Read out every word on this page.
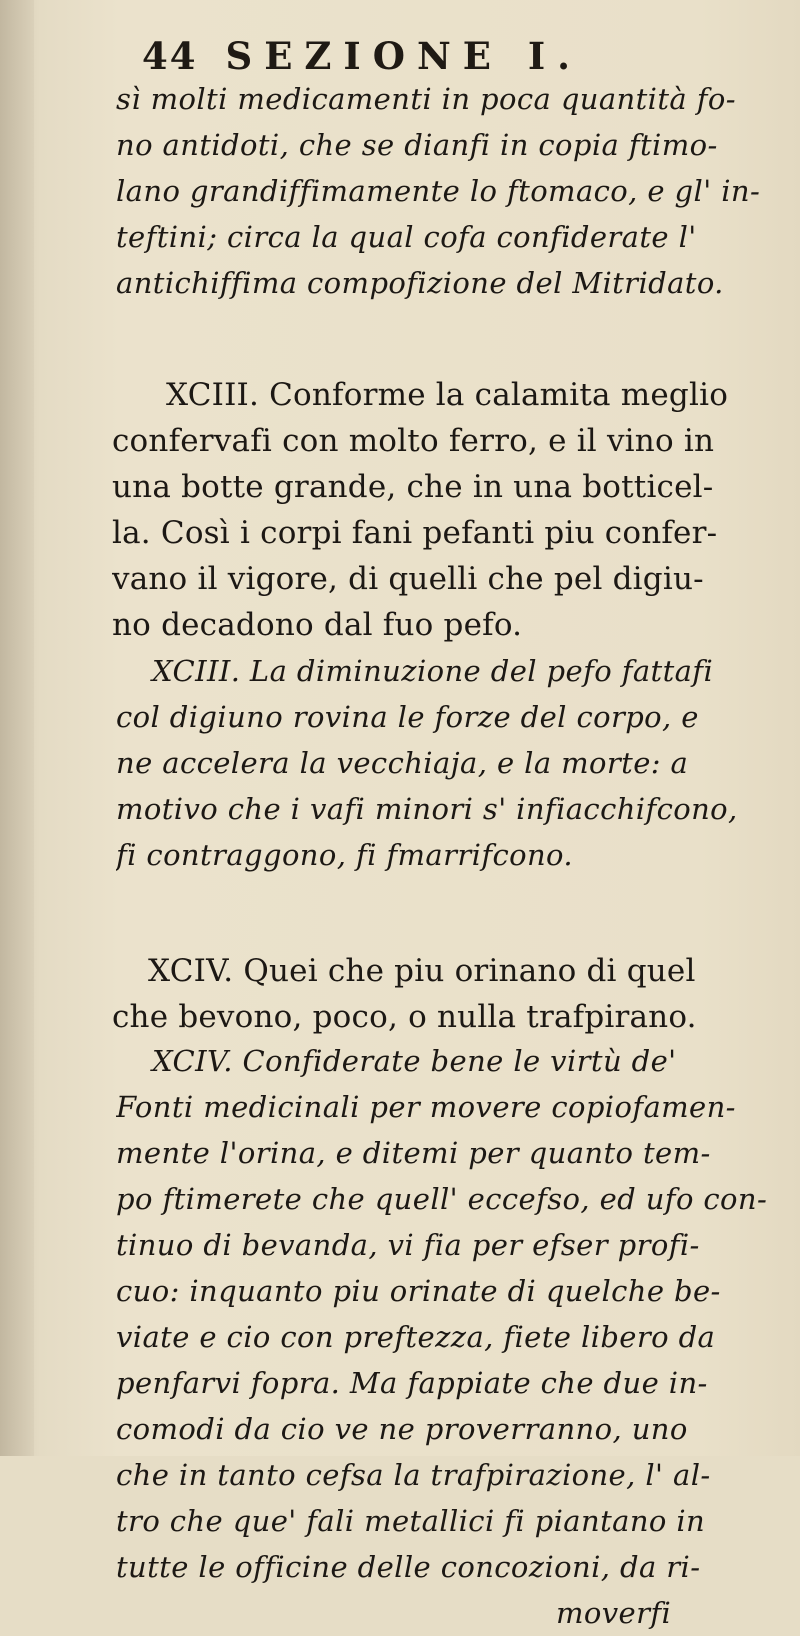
44 SEZIONE I.
sì molti medicamenti in poca quantità fo-
no antidoti, che se dianfi in copia ftimo-
lano grandiffimamente lo ftomaco, e gl' in-
teftini; circa la qual cofa confiderate l'
antichiffima compofizione del Mitridato.
XCIII. Conforme la calamita meglio
confervafi con molto ferro, e il vino in
una botte grande, che in una botticel-
la. Così i corpi fani pefanti piu confer-
vano il vigore, di quelli che pel digiu-
no decadono dal fuo pefo.
XCIII. La diminuzione del pefo fattafi
col digiuno rovina le forze del corpo, e
ne accelera la vecchiaja, e la morte: a
motivo che i vafi minori s' infiacchifcono,
fi contraggono, fi fmarrifcono.
XCIV. Quei che piu orinano di quel
che bevono, poco, o nulla trafpirano.
XCIV. Confiderate bene le virtù de'
Fonti medicinali per movere copiofamen-
mente l'orina, e ditemi per quanto tem-
po ftimerete che quell' eccefso, ed ufo con-
tinuo di bevanda, vi fia per efser profi-
cuo: inquanto piu orinate di quelche be-
viate e cio con preftezza, fiete libero da
penfarvi fopra. Ma fappiate che due in-
comodi da cio ve ne proverranno, uno
che in tanto cefsa la trafpirazione, l' al-
tro che que' fali metallici fi piantano in
tutte le officine delle concozioni, da ri-
moverfi
